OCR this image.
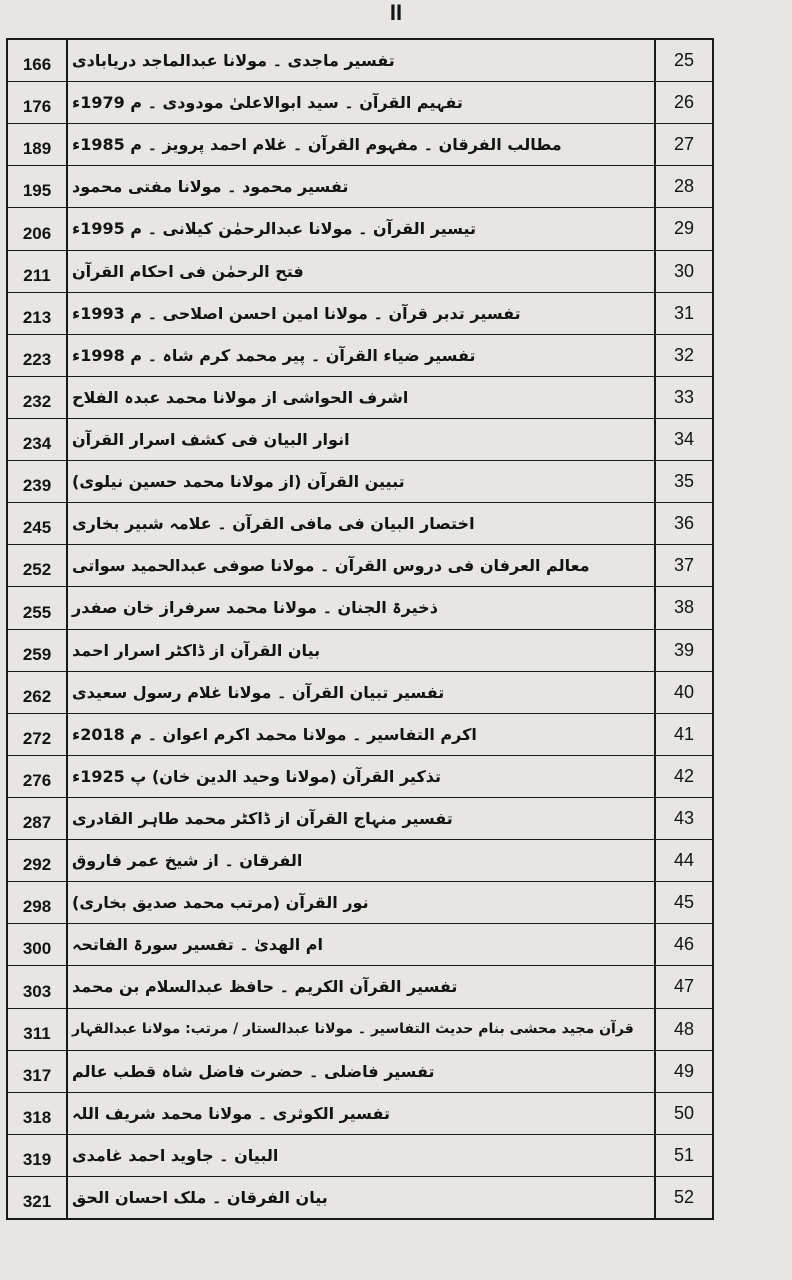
II
166	تفسیر ماجدی ۔ مولانا عبدالماجد دریابادی	25
176	تفہیم القرآن ۔ سید ابوالاعلیٰ مودودی ۔ م 1979ء	26
189	مطالب الفرقان ۔ مفہوم القرآن ۔ غلام احمد پرویز ۔ م 1985ء	27
195	تفسیر محمود ۔ مولانا مفتی محمود	28
206	تیسیر القرآن ۔ مولانا عبدالرحمٰن کیلانی ۔ م 1995ء	29
211	فتح الرحمٰن فی احکام القرآن	30
213	تفسیر تدبر قرآن ۔ مولانا امین احسن اصلاحی ۔ م 1993ء	31
223	تفسیر ضیاء القرآن ۔ پیر محمد کرم شاہ ۔ م 1998ء	32
232	اشرف الحواشی از مولانا محمد عبدہ الفلاح	33
234	انوار البیان فی کشف اسرار القرآن	34
239	تبیین القرآن (از مولانا محمد حسین نیلوی)	35
245	اختصار البیان فی مافی القرآن ۔ علامہ شبیر بخاری	36
252	معالم العرفان فی دروس القرآن ۔ مولانا صوفی عبدالحمید سواتی	37
255	ذخیرۃ الجنان ۔ مولانا محمد سرفراز خان صفدر	38
259	بیان القرآن از ڈاکٹر اسرار احمد	39
262	تفسیر تبیان القرآن ۔ مولانا غلام رسول سعیدی	40
272	اکرم التفاسیر ۔ مولانا محمد اکرم اعوان ۔ م 2018ء	41
276	تذکیر القرآن (مولانا وحید الدین خان) پ 1925ء	42
287	تفسیر منہاج القرآن از ڈاکٹر محمد طاہر القادری	43
292	الفرقان ۔ از شیخ عمر فاروق	44
298	نور القرآن (مرتب محمد صدیق بخاری)	45
300	ام الھدیٰ ۔ تفسیر سورۃ الفاتحہ	46
303	تفسیر القرآن الکریم ۔ حافظ عبدالسلام بن محمد	47
311	قرآن مجید محشی بنام حدیث التفاسیر ۔ مولانا عبدالستار / مرتب: مولانا عبدالقہار	48
317	تفسیر فاضلی ۔ حضرت فاضل شاہ قطب عالم	49
318	تفسیر الکوثری ۔ مولانا محمد شریف اللہ	50
319	البیان ۔ جاوید احمد غامدی	51
321	بیان الفرقان ۔ ملک احسان الحق	52
